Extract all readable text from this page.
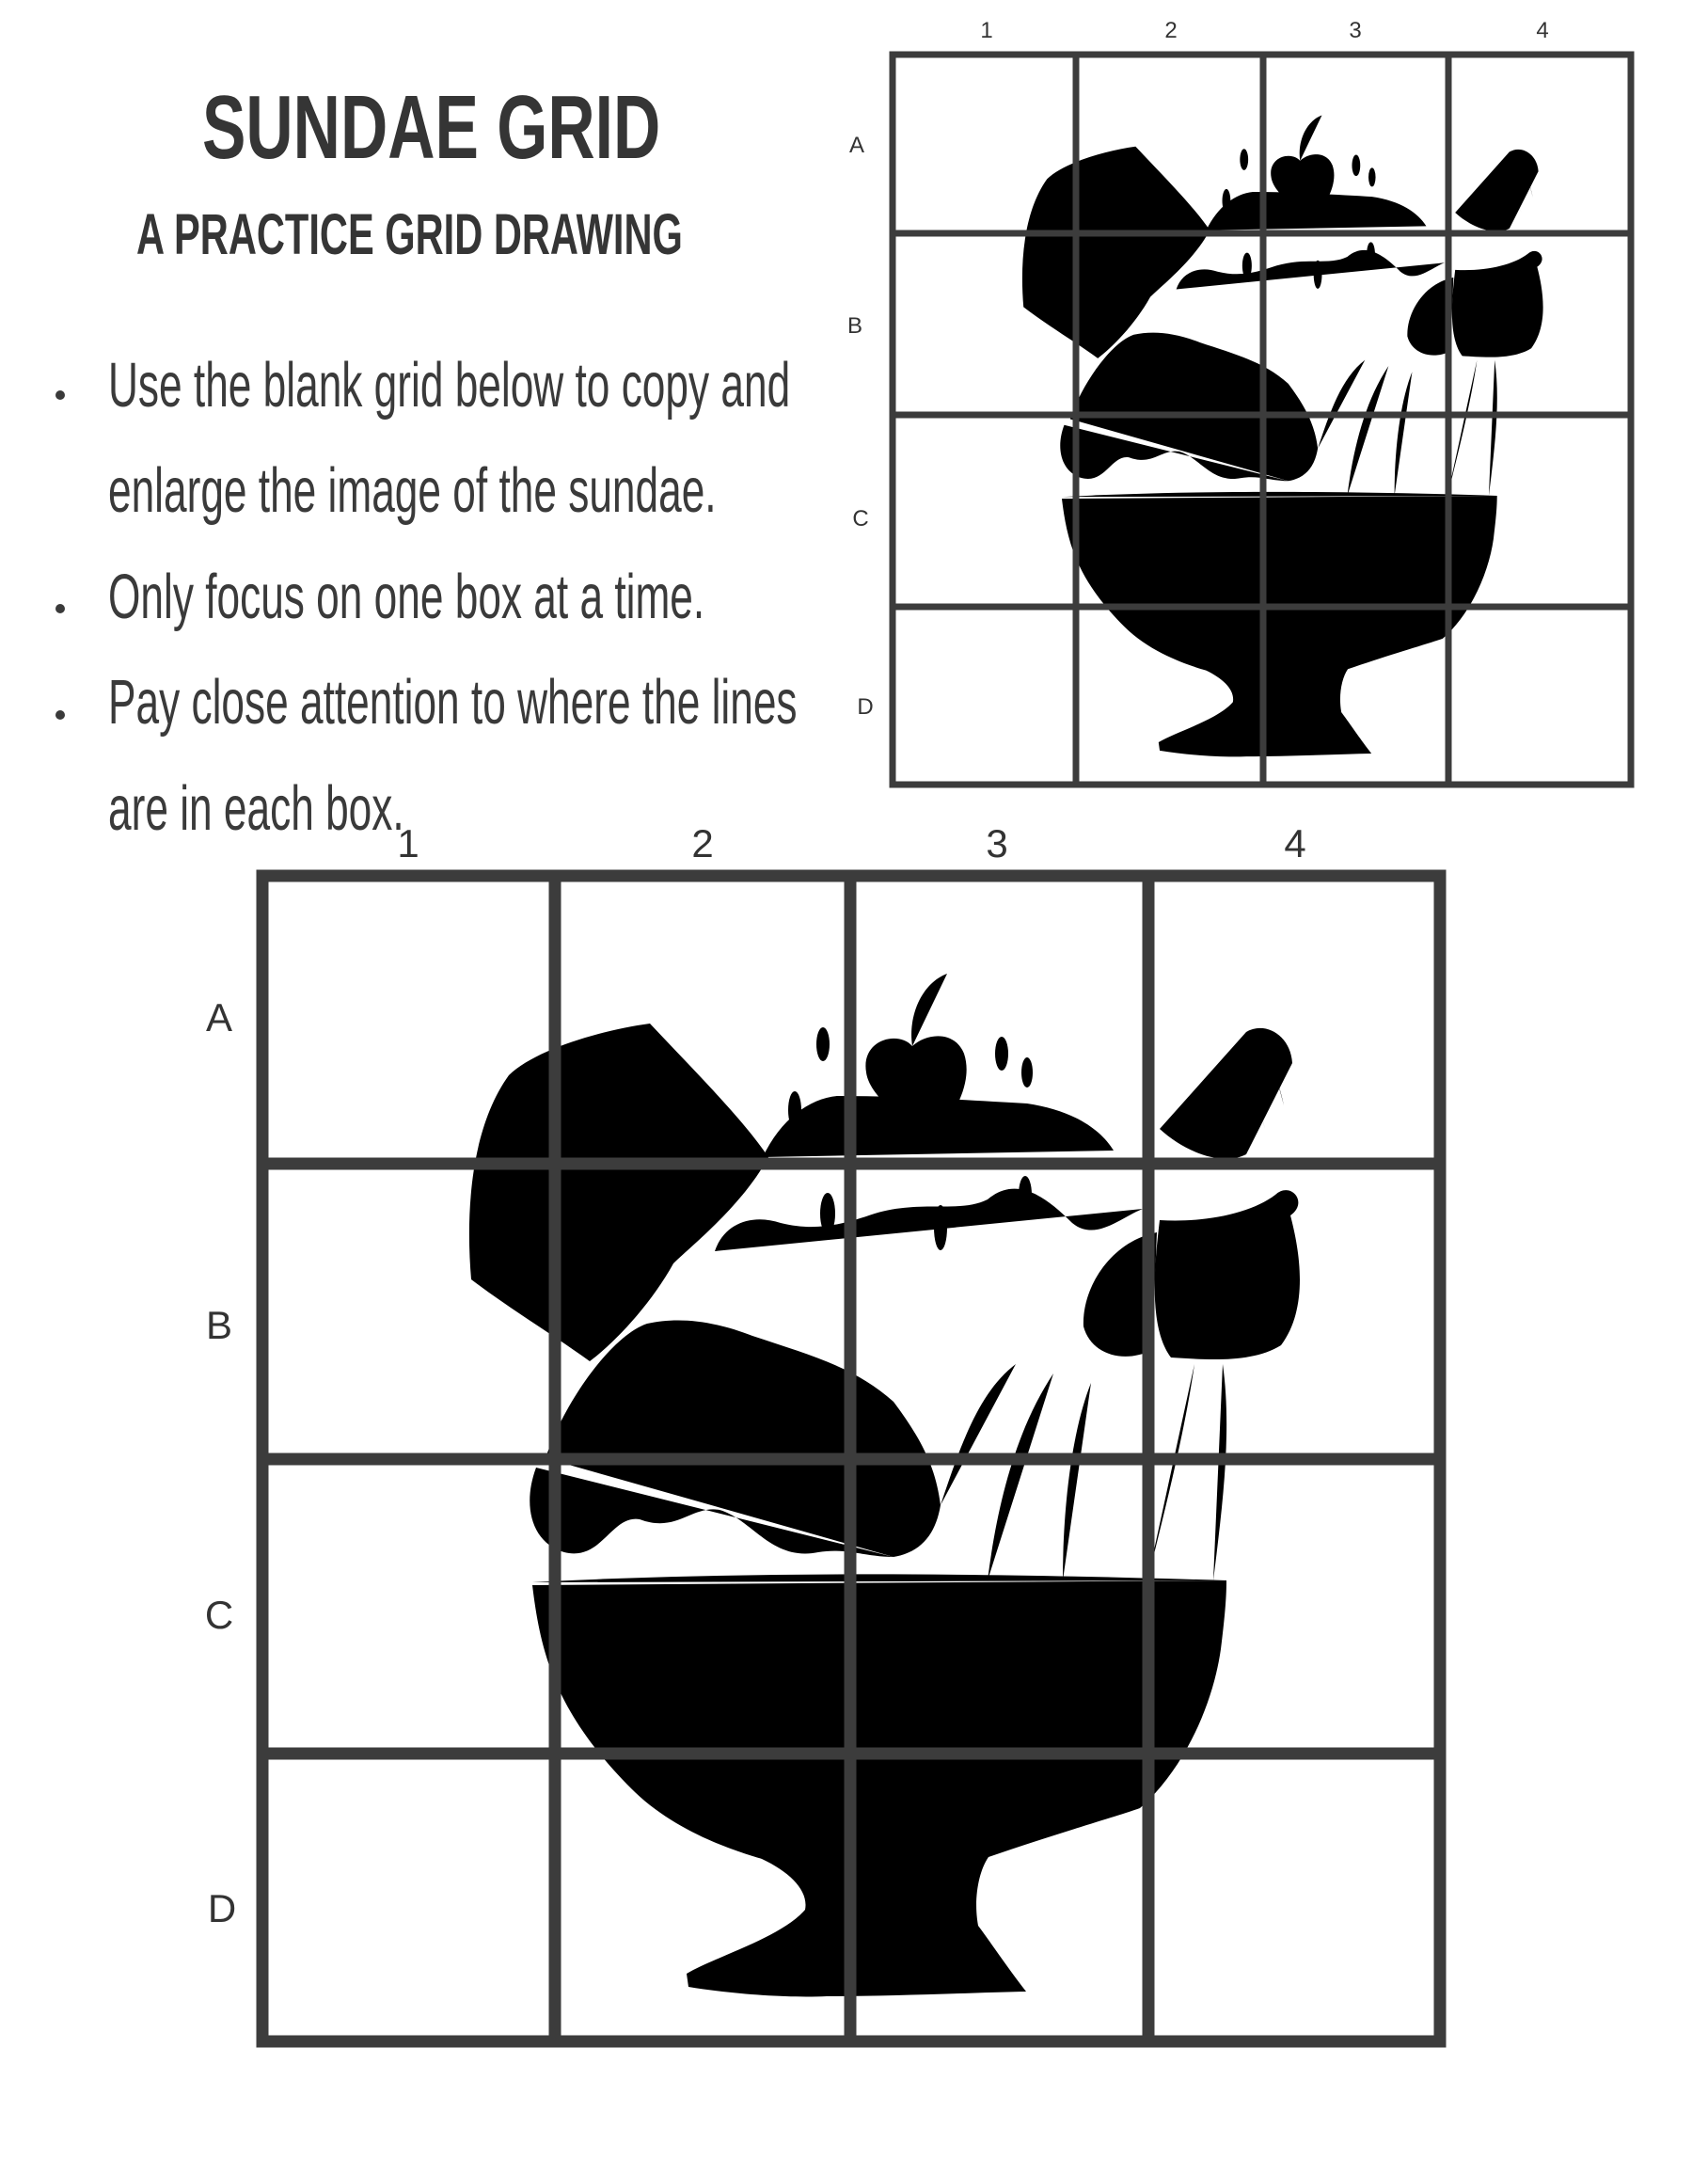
SUNDAE GRID
A PRACTICE GRID DRAWING
Use the blank grid below to copy and
enlarge the image of the sundae.
Only focus on one box at a time.
Pay close attention to where the lines
are in each box.
1	2	3	4
A
B
C
D
1	2	3	4
A
B
C
D
